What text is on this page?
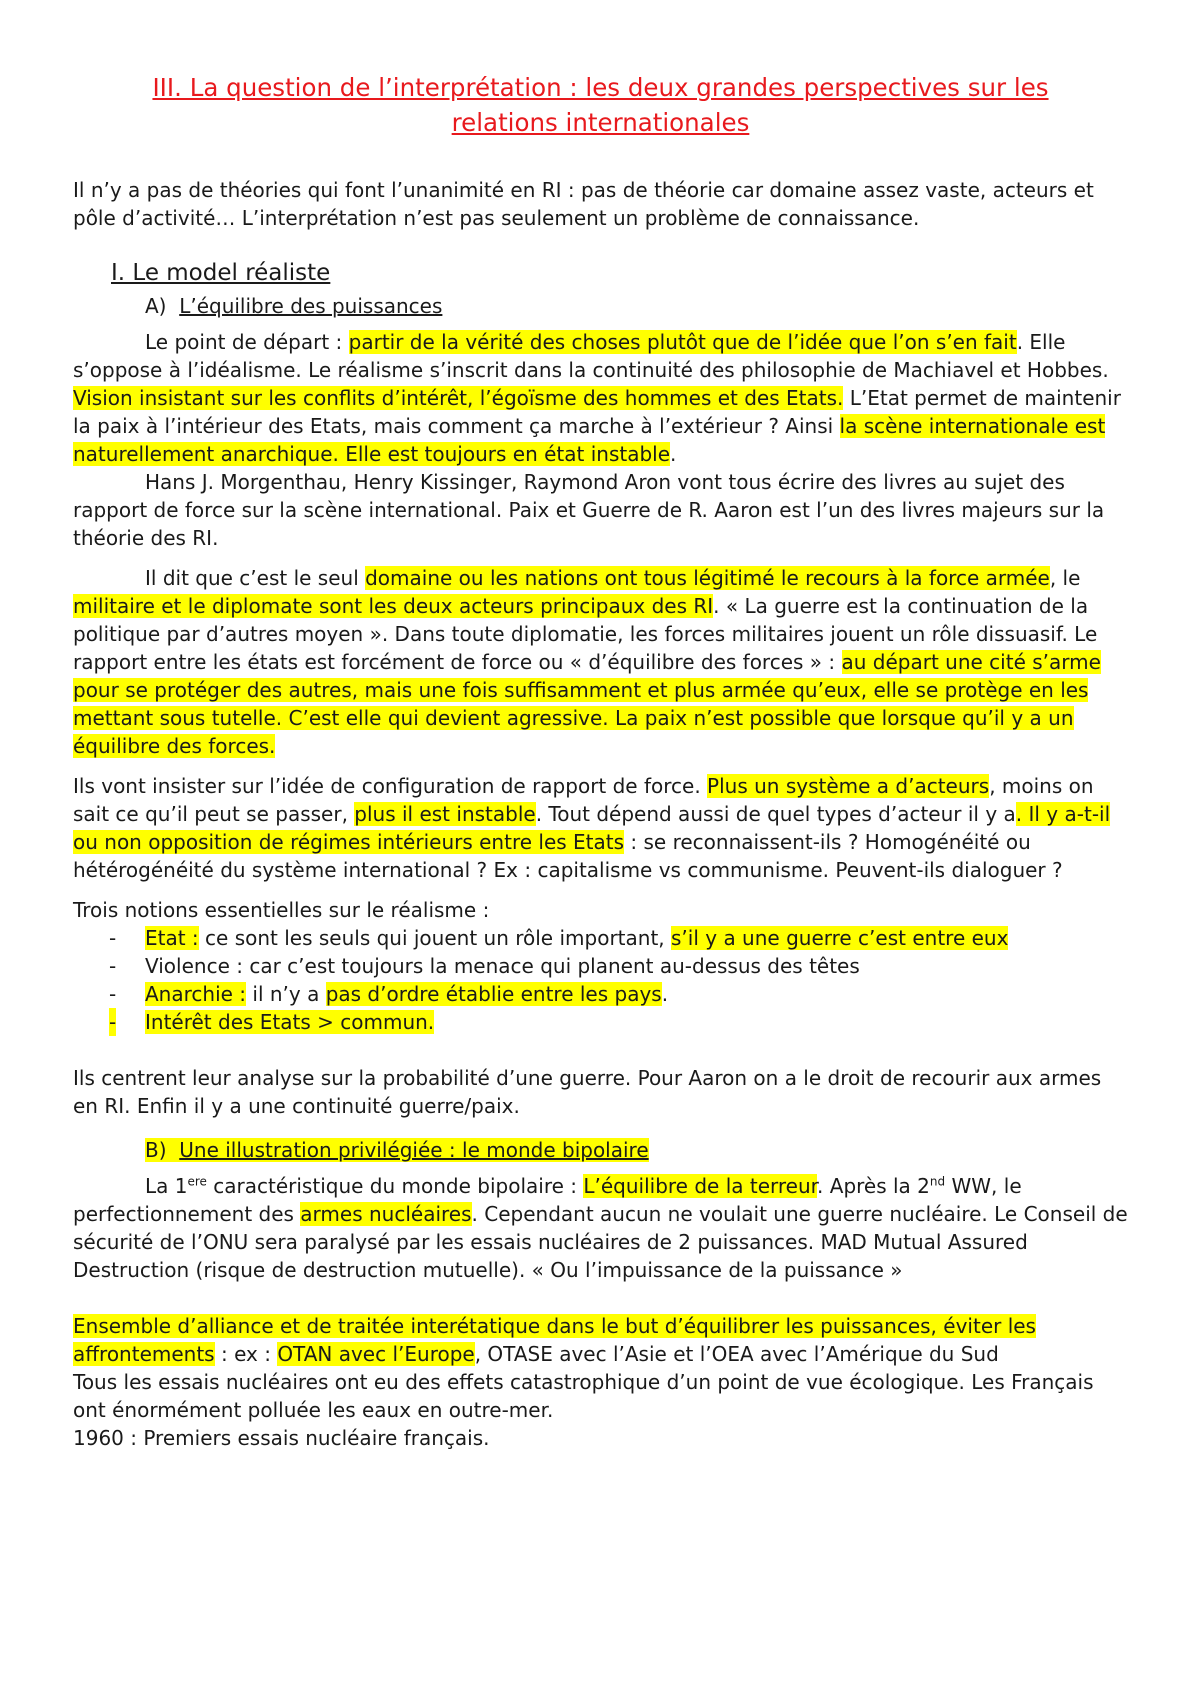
III. La question de l’interprétation : les deux grandes perspectives sur les
relations internationales

Il n’y a pas de théories qui font l’unanimité en RI : pas de théorie car domaine assez vaste, acteurs et pôle d’activité… L’interprétation n’est pas seulement un problème de connaissance.

I. Le model réaliste
A) L’équilibre des puissances

Le point de départ : partir de la vérité des choses plutôt que de l’idée que l’on s’en fait. Elle s’oppose à l’idéalisme. Le réalisme s’inscrit dans la continuité des philosophie de Machiavel et Hobbes. Vision insistant sur les conflits d’intérêt, l’égoïsme des hommes et des Etats. L’Etat permet de maintenir la paix à l’intérieur des Etats, mais comment ça marche à l’extérieur ? Ainsi la scène internationale est naturellement anarchique. Elle est toujours en état instable.

Hans J. Morgenthau, Henry Kissinger, Raymond Aron vont tous écrire des livres au sujet des rapport de force sur la scène international. Paix et Guerre de R. Aaron est l’un des livres majeurs sur la théorie des RI.

Il dit que c’est le seul domaine ou les nations ont tous légitimé le recours à la force armée, le militaire et le diplomate sont les deux acteurs principaux des RI. « La guerre est la continuation de la politique par d’autres moyen ». Dans toute diplomatie, les forces militaires jouent un rôle dissuasif. Le rapport entre les états est forcément de force ou « d’équilibre des forces » : au départ une cité s’arme pour se protéger des autres, mais une fois suffisamment et plus armée qu’eux, elle se protège en les mettant sous tutelle. C’est elle qui devient agressive. La paix n’est possible que lorsque qu’il y a un équilibre des forces.

Ils vont insister sur l’idée de configuration de rapport de force. Plus un système a d’acteurs, moins on sait ce qu’il peut se passer, plus il est instable. Tout dépend aussi de quel types d’acteur il y a. Il y a-t-il ou non opposition de régimes intérieurs entre les Etats : se reconnaissent-ils ? Homogénéité ou hétérogénéité du système international ? Ex : capitalisme vs communisme. Peuvent-ils dialoguer ?

Trois notions essentielles sur le réalisme :

- Etat : ce sont les seuls qui jouent un rôle important, s’il y a une guerre c’est entre eux
- Violence : car c’est toujours la menace qui planent au-dessus des têtes
- Anarchie : il n’y a pas d’ordre établie entre les pays.
- Intérêt des Etats > commun.

Ils centrent leur analyse sur la probabilité d’une guerre. Pour Aaron on a le droit de recourir aux armes en RI. Enfin il y a une continuité guerre/paix.

B) Une illustration privilégiée : le monde bipolaire

La 1ere caractéristique du monde bipolaire : L’équilibre de la terreur. Après la 2nd WW, le perfectionnement des armes nucléaires. Cependant aucun ne voulait une guerre nucléaire. Le Conseil de sécurité de l’ONU sera paralysé par les essais nucléaires de 2 puissances. MAD Mutual Assured Destruction (risque de destruction mutuelle). « Ou l’impuissance de la puissance »

Ensemble d’alliance et de traitée interétatique dans le but d’équilibrer les puissances, éviter les affrontements : ex : OTAN avec l’Europe, OTASE avec l’Asie et l’OEA avec l’Amérique du Sud

Tous les essais nucléaires ont eu des effets catastrophique d’un point de vue écologique. Les Français ont énormément polluée les eaux en outre-mer.

1960 : Premiers essais nucléaire français.
